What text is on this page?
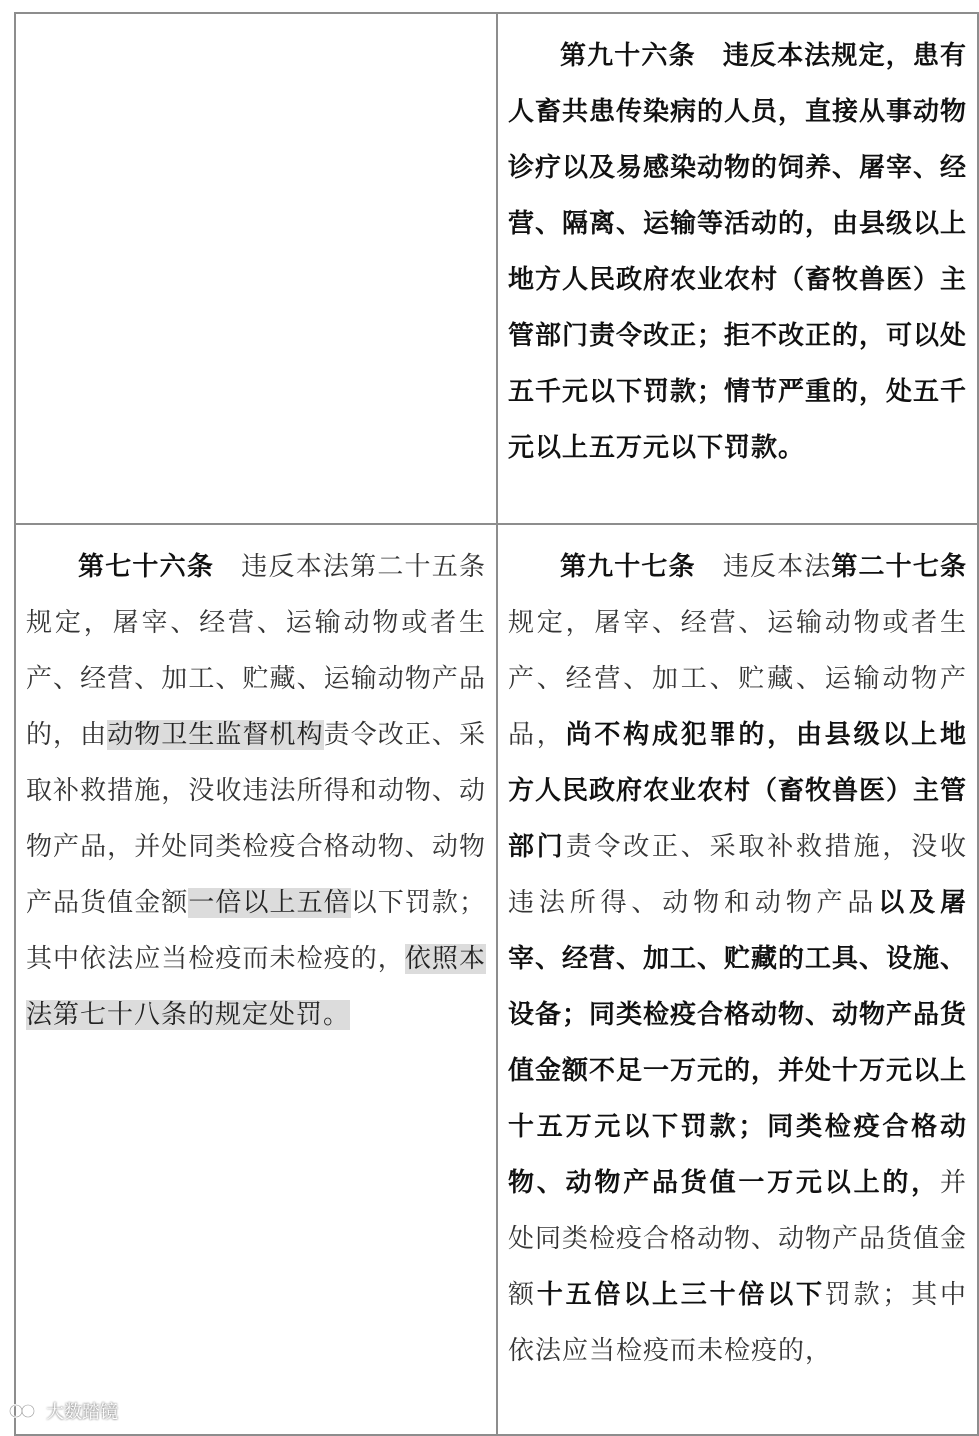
	第九十六条　违反本法规定，患有人畜共患传染病的人员，直接从事动物诊疗以及易感染动物的饲养、屠宰、经营、隔离、运输等活动的，由县级以上地方人民政府农业农村（畜牧兽医）主管部门责令改正；拒不改正的，可以处五千元以下罚款；情节严重的，处五千元以上五万元以下罚款。

第七十六条　违反本法第二十五条规定，屠宰、经营、运输动物或者生产、经营、加工、贮藏、运输动物产品的，由动物卫生监督机构责令改正、采取补救措施，没收违法所得和动物、动物产品，并处同类检疫合格动物、动物产品货值金额一倍以上五倍以下罚款；其中依法应当检疫而未检疫的，依照本法第七十八条的规定处罚。	第九十七条　违反本法第二十七条规定，屠宰、经营、运输动物或者生产、经营、加工、贮藏、运输动物产品，尚不构成犯罪的，由县级以上地方人民政府农业农村（畜牧兽医）主管部门责令改正、采取补救措施，没收违法所得、动物和动物产品以及屠宰、经营、加工、贮藏的工具、设施、设备；同类检疫合格动物、动物产品货值金额不足一万元的，并处十万元以上十五万元以下罚款；同类检疫合格动物、动物产品货值一万元以上的，并处同类检疫合格动物、动物产品货值金额十五倍以上三十倍以下罚款；其中依法应当检疫而未检疫的，
大数踏镜
